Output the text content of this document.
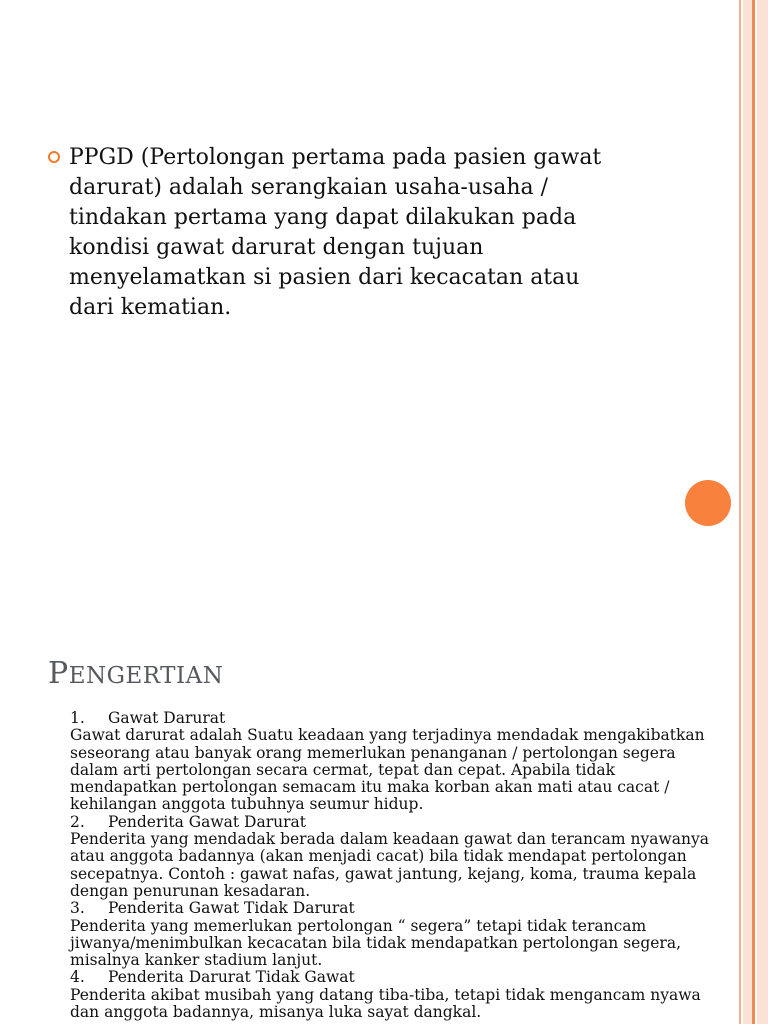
PPGD (Pertolongan pertama pada pasien gawat
darurat) adalah serangkaian usaha-usaha /
tindakan pertama yang dapat dilakukan pada
kondisi gawat darurat dengan tujuan
menyelamatkan si pasien dari kecacatan atau
dari kematian.
PENGERTIAN
1. Gawat Darurat
Gawat darurat adalah Suatu keadaan yang terjadinya mendadak mengakibatkan
seseorang atau banyak orang memerlukan penanganan / pertolongan segera
dalam arti pertolongan secara cermat, tepat dan cepat. Apabila tidak
mendapatkan pertolongan semacam itu maka korban akan mati atau cacat /
kehilangan anggota tubuhnya seumur hidup.
2. Penderita Gawat Darurat
Penderita yang mendadak berada dalam keadaan gawat dan terancam nyawanya
atau anggota badannya (akan menjadi cacat) bila tidak mendapat pertolongan
secepatnya. Contoh : gawat nafas, gawat jantung, kejang, koma, trauma kepala
dengan penurunan kesadaran.
3. Penderita Gawat Tidak Darurat
Penderita yang memerlukan pertolongan “ segera” tetapi tidak terancam
jiwanya/menimbulkan kecacatan bila tidak mendapatkan pertolongan segera,
misalnya kanker stadium lanjut.
4. Penderita Darurat Tidak Gawat
Penderita akibat musibah yang datang tiba-tiba, tetapi tidak mengancam nyawa
dan anggota badannya, misanya luka sayat dangkal.
